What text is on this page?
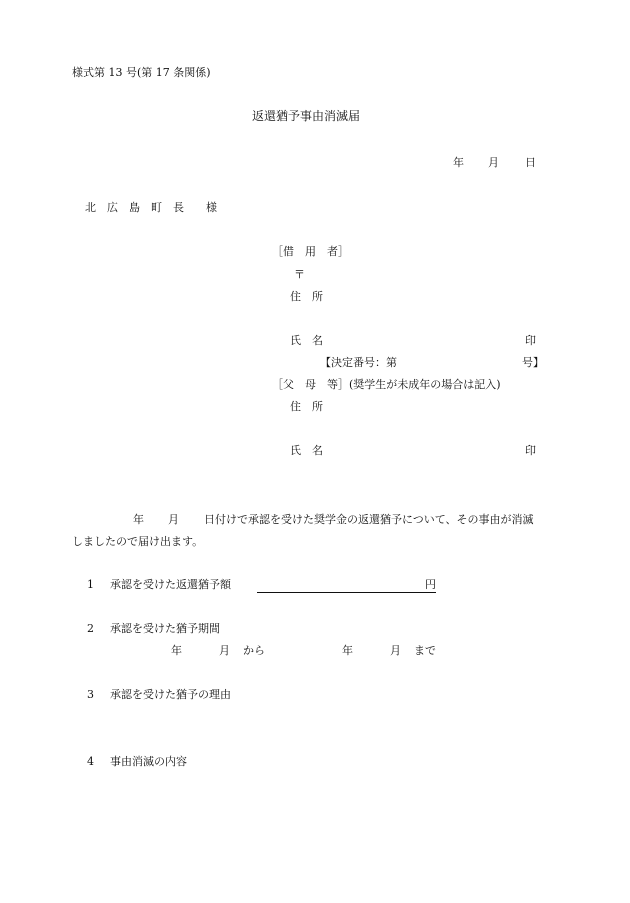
様式第 13 号(第 17 条関係)
返還猶予事由消滅届
年 月 日
北　広　島　町　長　　様
［借　用　者］
〒
住　所
氏　名	印
【決定番号：第	号】
［父　母　等］(奨学生が未成年の場合は記入)
住　所
氏　名	印
年 月 日付けで承認を受けた奨学金の返還猶予について、その事由が消滅
しましたので届け出ます。
1 承認を受けた返還猶予額	円
2 承認を受けた猶予期間
年	月 から	年	月 まで
3 承認を受けた猶予の理由
4 事由消滅の内容
